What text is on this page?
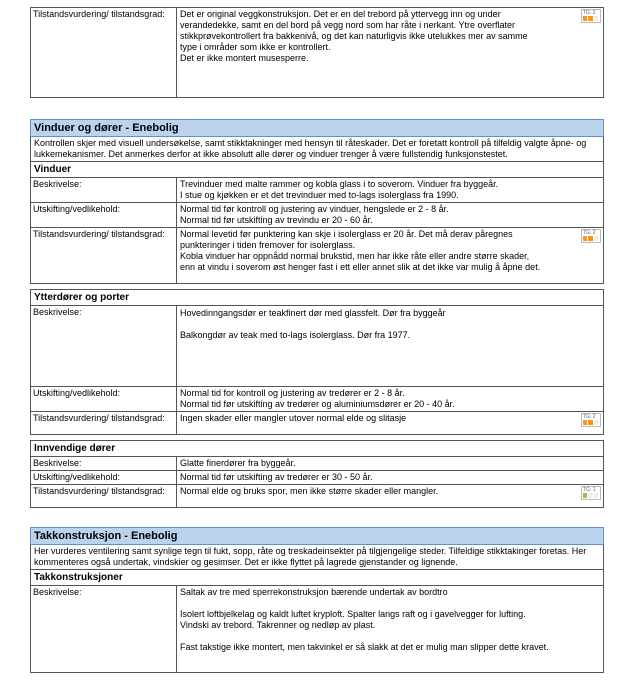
Tilstandsvurdering/ tilstandsgrad:	Det er original veggkonstruksjon. Det er en del trebord på yttervegg inn og under

verandedekke, samt en del bord på vegg nord som har råte i nerkant. Ytre overflater

stikkprøvekontrollert fra bakkenivå, og det kan naturligvis ikke utelukkes mer av samme

type i områder som ikke er kontrollert.

Det er ikke montert musesperre.

TG: 2
Vinduer og dører - Enebolig
Kontrollen skjer med visuell undersøkelse, samt stikktakninger med hensyn til råteskader. Det er foretatt kontroll på tilfeldig valgte åpne- og lukkemekanismer. Det anmerkes derfor at ikke absolutt alle dører og vinduer trenger å være fullstendig funksjonstestet.
Vinduer
Beskrivelse:	Trevinduer med malte rammer og kobla glass i to soverom. Vinduer fra byggeår.

I stue og kjøkken er et det trevinduer med to-lags isolerglass fra 1990.

Utskifting/vedlikehold:	Normal tid før kontroll og justering av vinduer, hengslede er 2 - 8 år.

Normal tid før utskifting av trevindu er 20 - 60 år.

Tilstandsvurdering/ tilstandsgrad:	Normal levetid før punktering kan skje i isolerglass er 20 år. Det må derav påregnes

punkteringer i tiden fremover for isolerglass.

Kobla vinduer har oppnådd normal brukstid, men har ikke råte eller andre større skader,

enn at vindu i soverom øst henger fast i ett eller annet slik at det ikke var mulig å åpne det.

TG: 2
Ytterdører og porter
Beskrivelse:	Hovedinngangsdør er teakfinert dør med glassfelt. Dør fra byggeår

Balkongdør av teak med to-lags isolerglass. Dør fra 1977.

Utskifting/vedlikehold:	Normal tid for kontroll og justering av tredører er 2 - 8 år.

Normal tid før utskifting av tredører og aluminiumsdører er 20 - 40 år.

Tilstandsvurdering/ tilstandsgrad:	Ingen skader eller mangler utover normal elde og slitasje	TG: 2
Innvendige dører
Beskrivelse:	Glatte finerdører fra byggeår.

Utskifting/vedlikehold:	Normal tid før utskifting av tredører er 30 - 50 år.

Tilstandsvurdering/ tilstandsgrad:	Normal elde og bruks spor, men ikke større skader eller mangler.	TG: 1
Takkonstruksjon - Enebolig
Her vurderes ventilering samt synlige tegn til fukt, sopp, råte og treskadeinsekter på tilgjengelige steder. Tilfeldige stikktakinger foretas. Her kommenteres også undertak, vindskier og gesimser. Det er ikke flyttet på lagrede gjenstander og lignende.
Takkonstruksjoner
Beskrivelse:	Saltak av tre med sperrekonstruksjon bærende undertak av bordtro

Isolert loftbjelkelag og kaldt luftet kryploft. Spalter langs raft og i gavelvegger for lufting.

Vindski av trebord. Takrenner og nedløp av plast.

Fast takstige ikke montert, men takvinkel er så slakk at det er mulig man slipper dette kravet.
